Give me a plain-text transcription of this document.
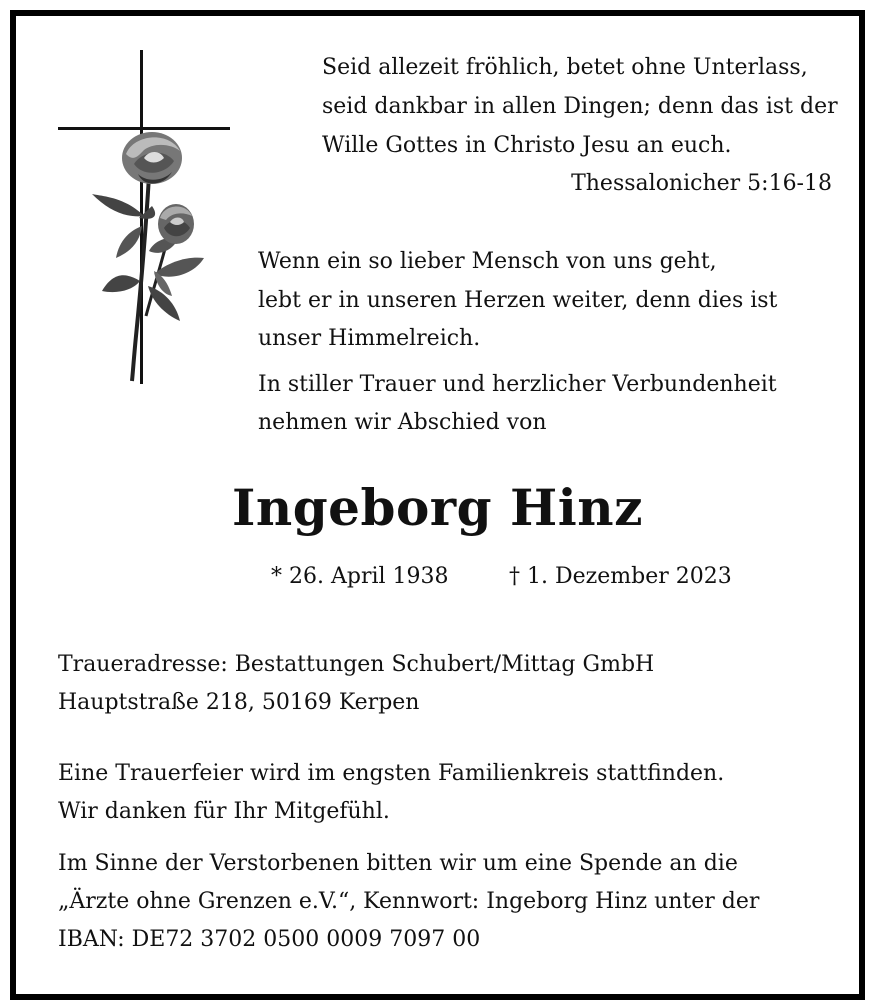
Seid allezeit fröhlich, betet ohne Unterlass,
seid dankbar in allen Dingen; denn das ist der
Wille Gottes in Christo Jesu an euch.
Thessalonicher 5:16-18
Wenn ein so lieber Mensch von uns geht,
lebt er in unseren Herzen weiter, denn dies ist
unser Himmelreich.
In stiller Trauer und herzlicher Verbundenheit
nehmen wir Abschied von
Ingeborg Hinz
* 26. April 1938	† 1. Dezember 2023
Traueradresse: Bestattungen Schubert/Mittag GmbH
Hauptstraße 218, 50169 Kerpen
Eine Trauerfeier wird im engsten Familienkreis stattfinden.
Wir danken für Ihr Mitgefühl.
Im Sinne der Verstorbenen bitten wir um eine Spende an die
„Ärzte ohne Grenzen e.V.“, Kennwort: Ingeborg Hinz unter der
IBAN: DE72 3702 0500 0009 7097 00
